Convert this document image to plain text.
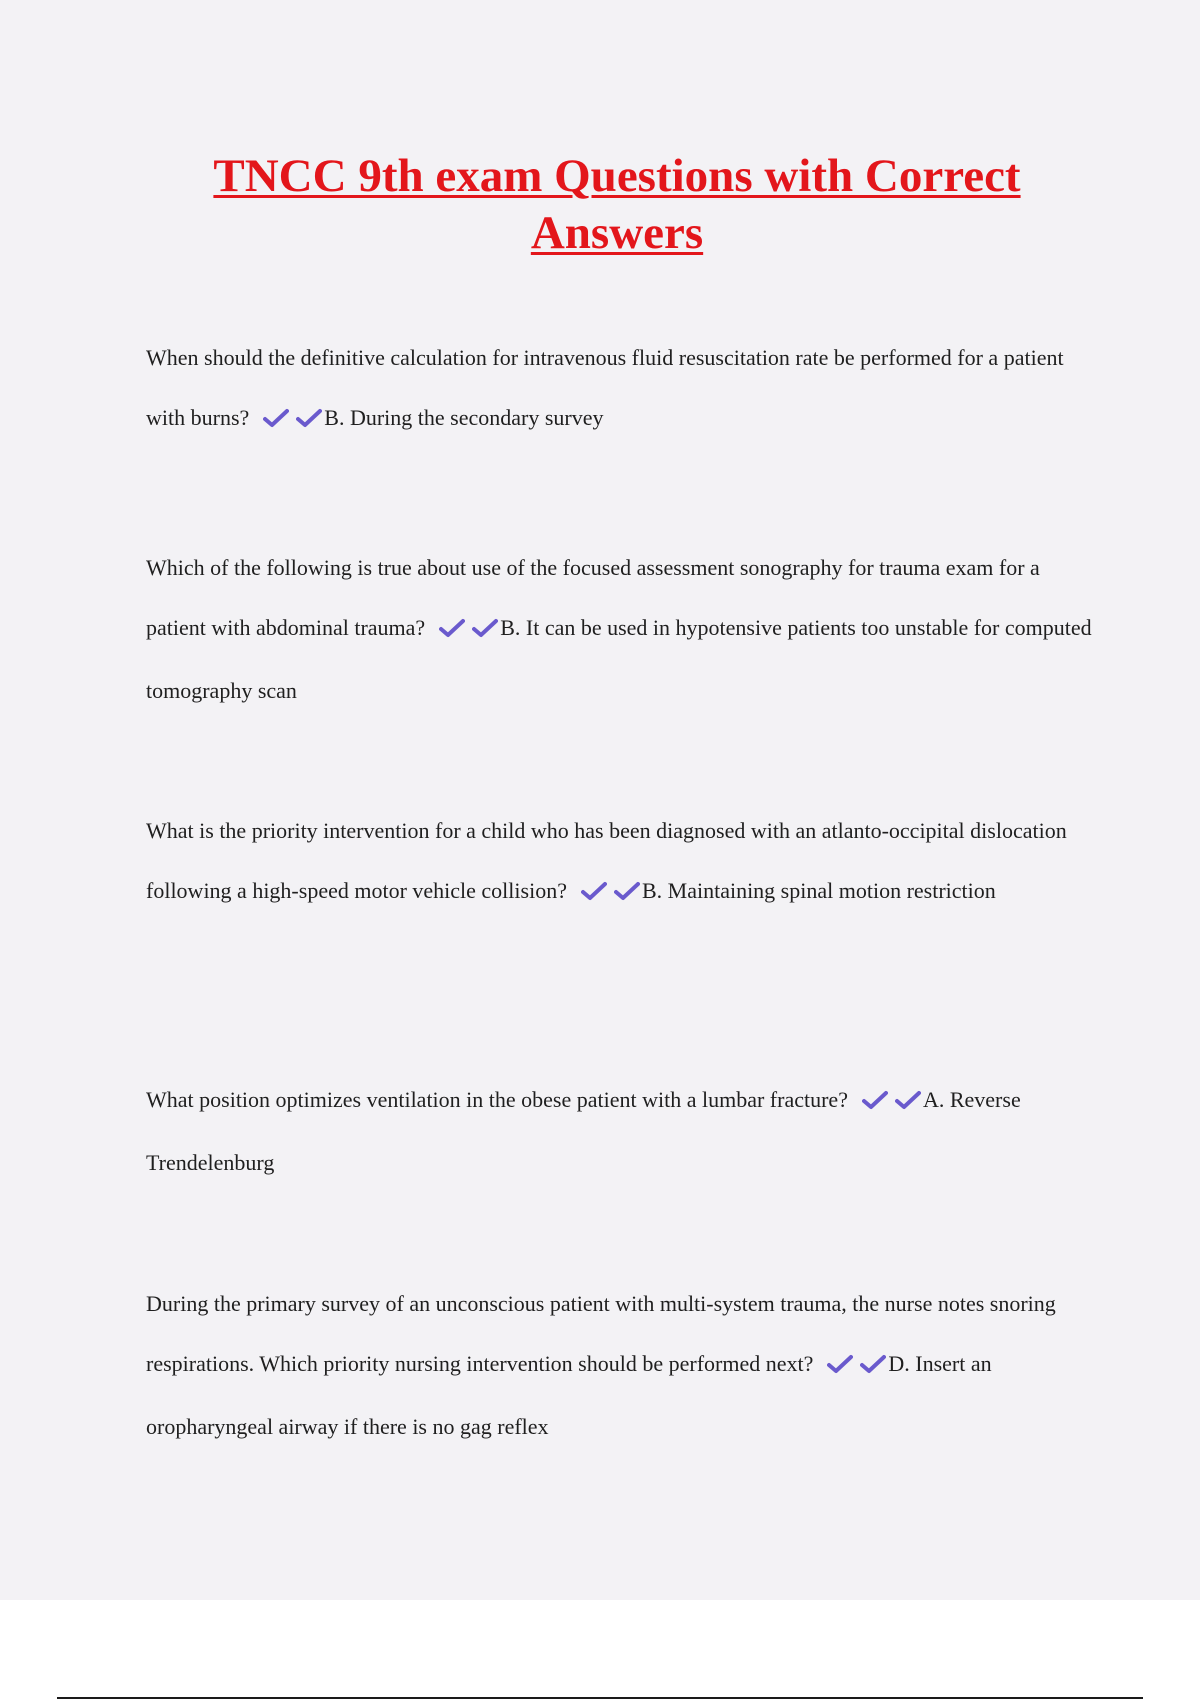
TNCC 9th exam Questions with Correct
Answers

When should the definitive calculation for intravenous fluid resuscitation rate be performed for a patient with burns?	B. During the secondary survey

Which of the following is true about use of the focused assessment sonography for trauma exam for a patient with abdominal trauma?	B. It can be used in hypotensive patients too unstable for computed tomography scan

What is the priority intervention for a child who has been diagnosed with an atlanto-occipital dislocation following a high-speed motor vehicle collision?	B. Maintaining spinal motion restriction

What position optimizes ventilation in the obese patient with a lumbar fracture?	A. Reverse Trendelenburg

During the primary survey of an unconscious patient with multi-system trauma, the nurse notes snoring respirations. Which priority nursing intervention should be performed next?	D. Insert an oropharyngeal airway if there is no gag reflex
